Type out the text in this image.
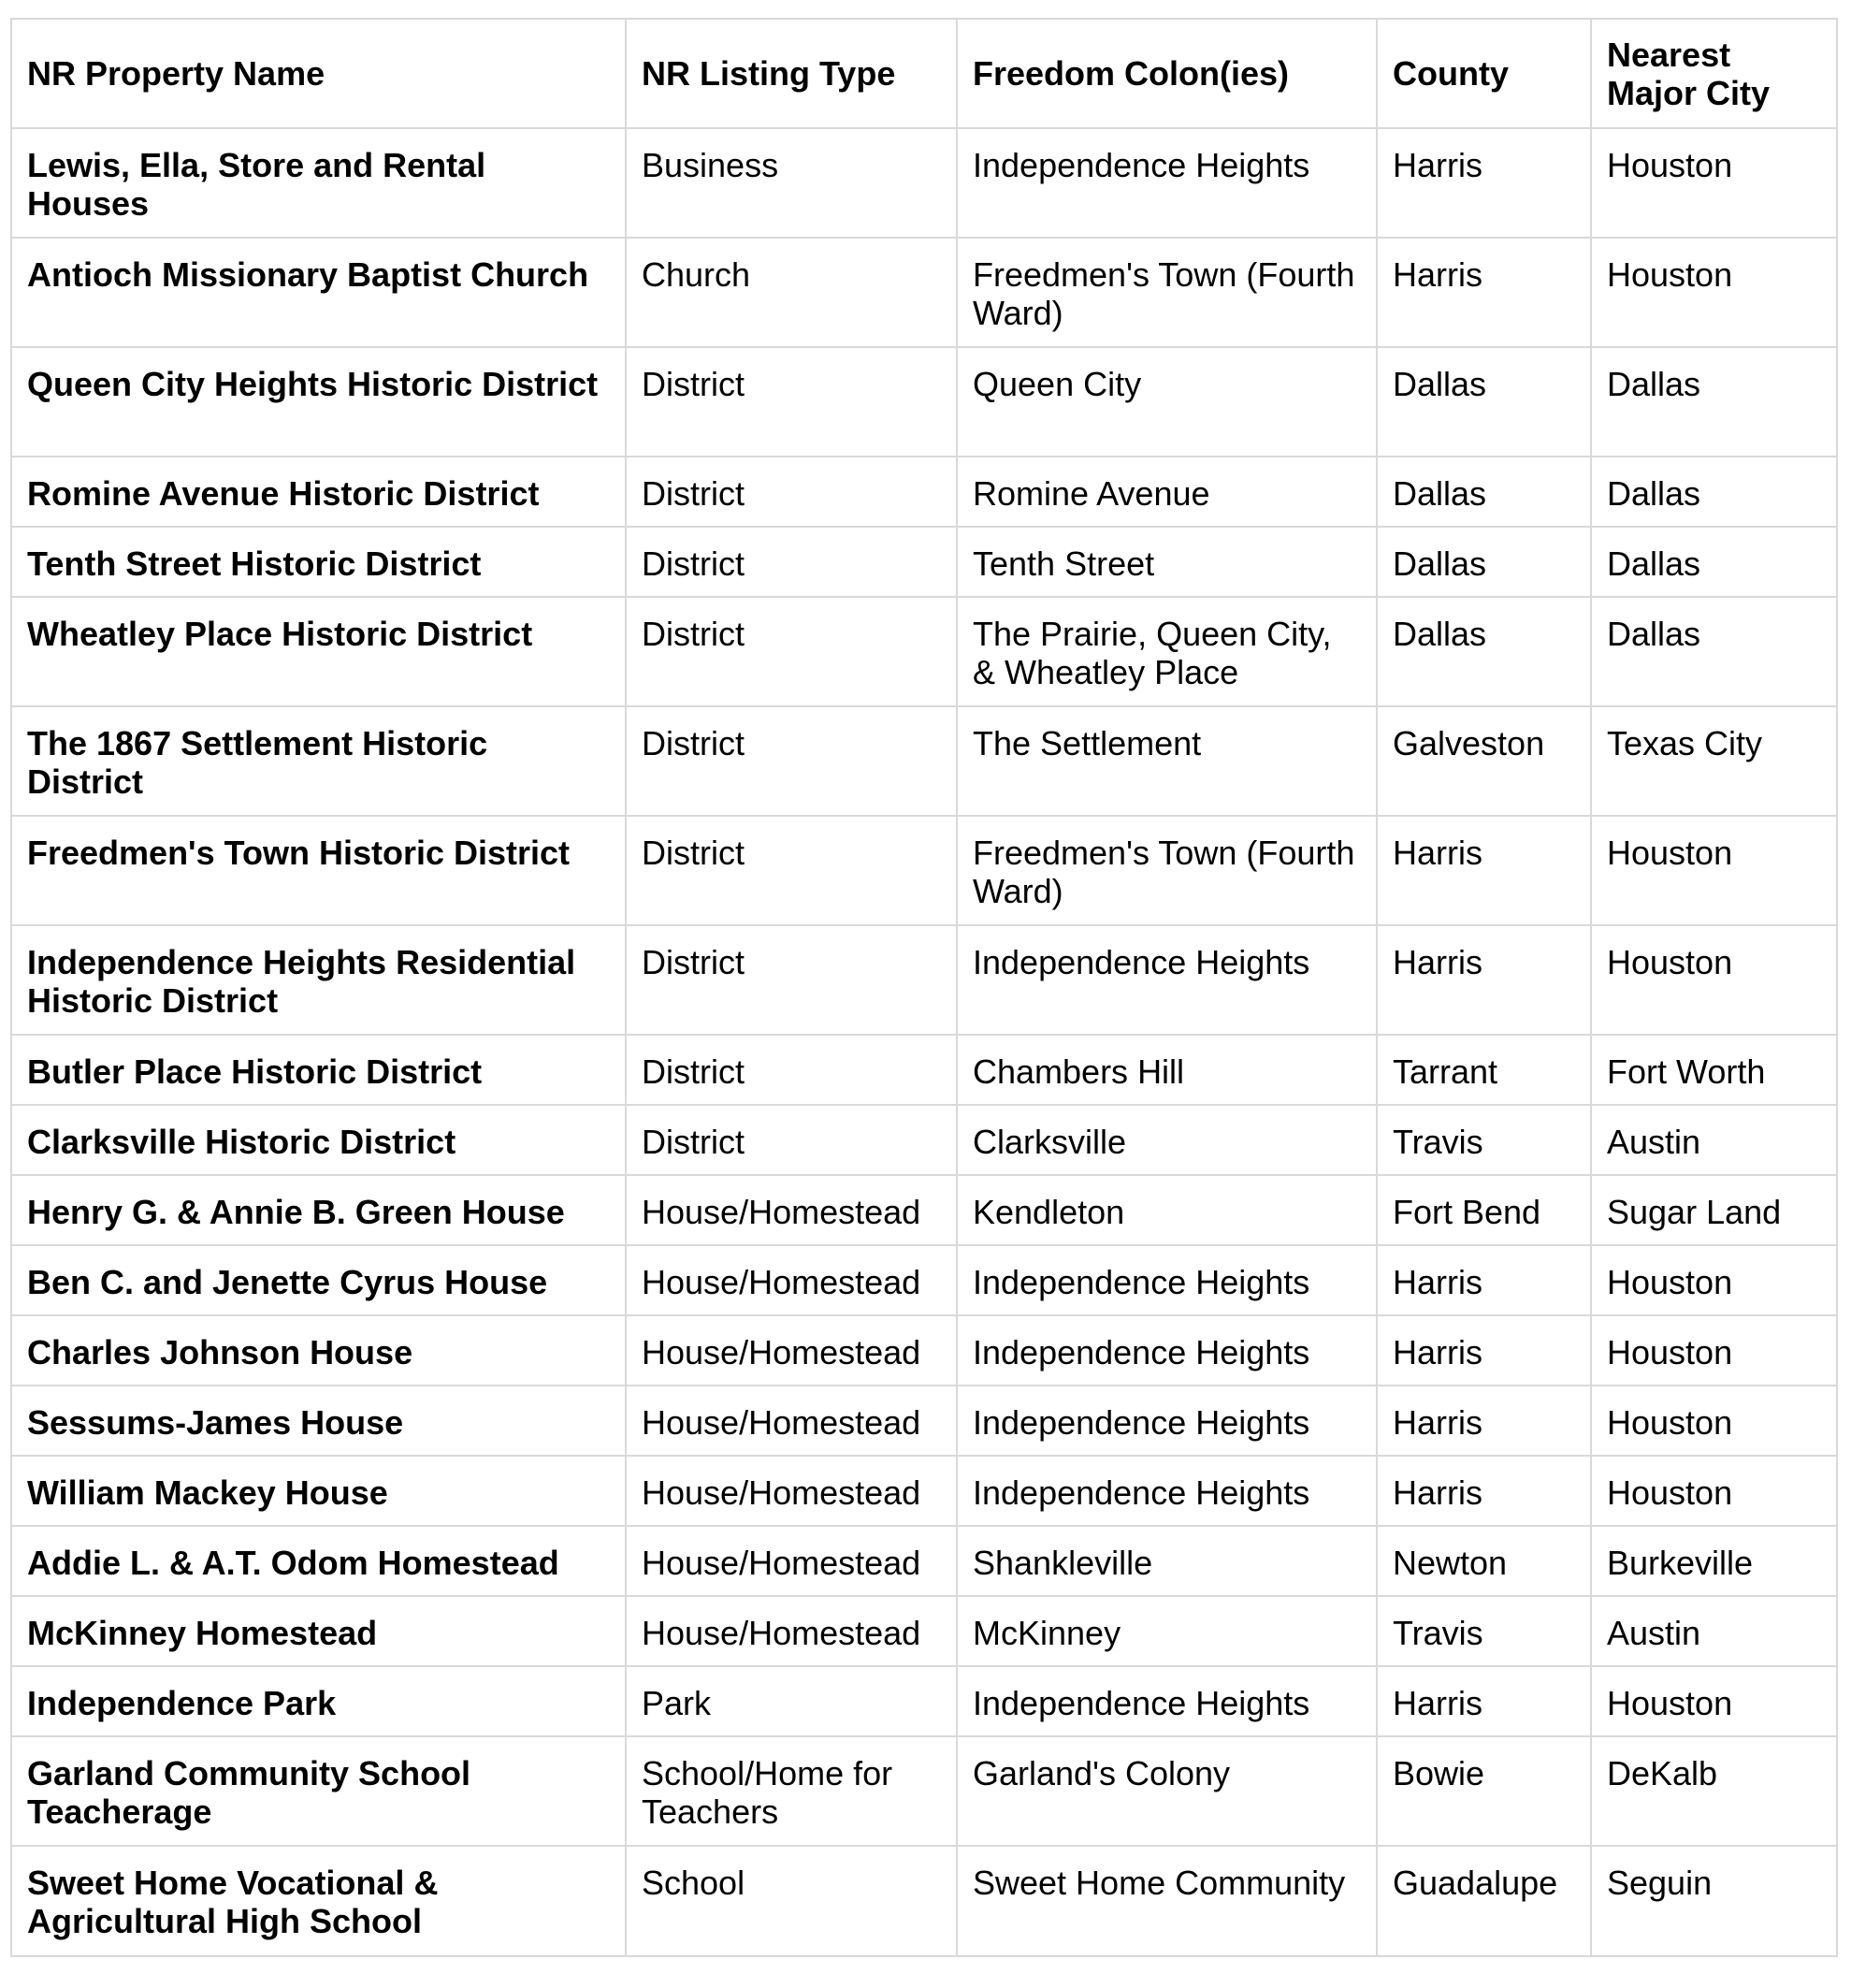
NR Property Name	NR Listing Type	Freedom Colon(ies)	County	Nearest Major City
Lewis, Ella, Store and Rental Houses	Business	Independence Heights	Harris	Houston
Antioch Missionary Baptist Church	Church	Freedmen's Town (Fourth Ward)	Harris	Houston
Queen City Heights Historic District	District	Queen City	Dallas	Dallas
Romine Avenue Historic District	District	Romine Avenue	Dallas	Dallas
Tenth Street Historic District	District	Tenth Street	Dallas	Dallas
Wheatley Place Historic District	District	The Prairie, Queen City, & Wheatley Place	Dallas	Dallas
The 1867 Settlement Historic District	District	The Settlement	Galveston	Texas City
Freedmen's Town Historic District	District	Freedmen's Town (Fourth Ward)	Harris	Houston
Independence Heights Residential Historic District	District	Independence Heights	Harris	Houston
Butler Place Historic District	District	Chambers Hill	Tarrant	Fort Worth
Clarksville Historic District	District	Clarksville	Travis	Austin
Henry G. & Annie B. Green House	House/Homestead	Kendleton	Fort Bend	Sugar Land
Ben C. and Jenette Cyrus House	House/Homestead	Independence Heights	Harris	Houston
Charles Johnson House	House/Homestead	Independence Heights	Harris	Houston
Sessums-James House	House/Homestead	Independence Heights	Harris	Houston
William Mackey House	House/Homestead	Independence Heights	Harris	Houston
Addie L. & A.T. Odom Homestead	House/Homestead	Shankleville	Newton	Burkeville
McKinney Homestead	House/Homestead	McKinney	Travis	Austin
Independence Park	Park	Independence Heights	Harris	Houston
Garland Community School Teacherage	School/Home for Teachers	Garland's Colony	Bowie	DeKalb
Sweet Home Vocational & Agricultural High School	School	Sweet Home Community	Guadalupe	Seguin
